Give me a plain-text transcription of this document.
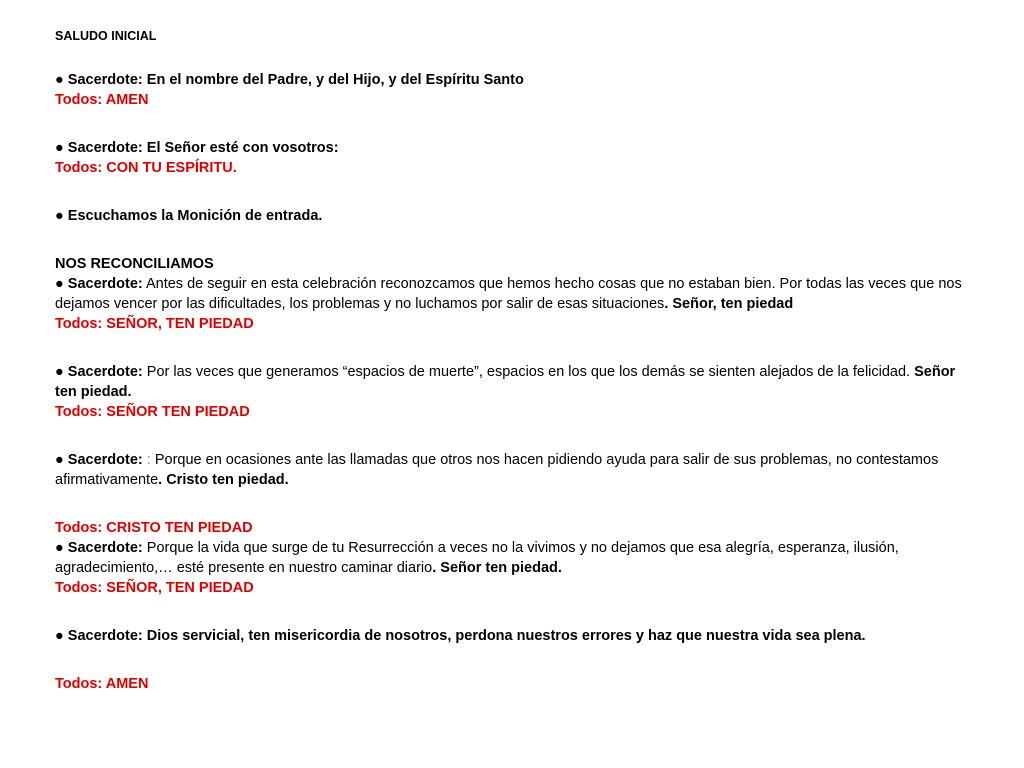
SALUDO INICIAL

● Sacerdote: En el nombre del Padre, y del Hijo, y del Espíritu Santo

Todos: AMEN

● Sacerdote: El Señor esté con vosotros:

Todos: CON TU ESPÍRITU.

● Escuchamos la Monición de entrada.

NOS RECONCILIAMOS

● Sacerdote: Antes de seguir en esta celebración reconozcamos que hemos hecho cosas que no estaban bien. Por todas las veces que nos dejamos vencer por las dificultades, los problemas y no luchamos por salir de esas situaciones. Señor, ten piedad

Todos: SEÑOR, TEN PIEDAD

● Sacerdote: Por las veces que generamos “espacios de muerte”, espacios en los que los demás se sienten alejados de la felicidad. Señor ten piedad.

Todos: SEÑOR TEN PIEDAD

● Sacerdote: : Porque en ocasiones ante las llamadas que otros nos hacen pidiendo ayuda para salir de sus problemas, no contestamos afirmativamente. Cristo ten piedad.

Todos: CRISTO TEN PIEDAD

● Sacerdote: Porque la vida que surge de tu Resurrección a veces no la vivimos y no dejamos que esa alegría, esperanza, ilusión, agradecimiento,… esté presente en nuestro caminar diario. Señor ten piedad.

Todos: SEÑOR, TEN PIEDAD

● Sacerdote: Dios servicial, ten misericordia de nosotros, perdona nuestros errores y haz que nuestra vida sea plena.

Todos: AMEN
